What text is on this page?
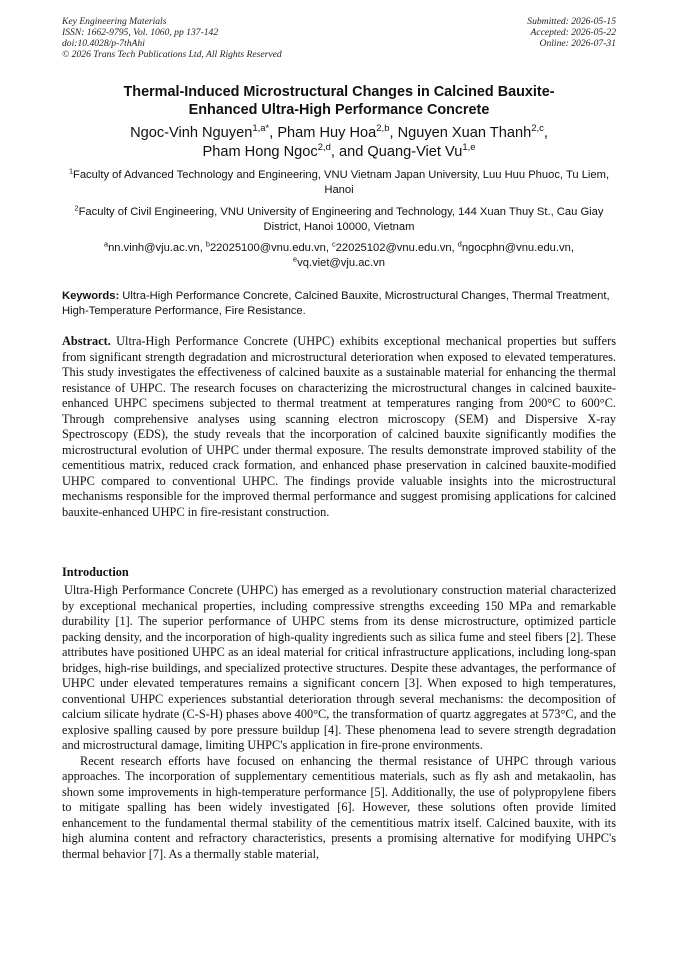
Key Engineering Materials
ISSN: 1662-9795, Vol. 1060, pp 137-142
doi:10.4028/p-7thAhi
© 2026 Trans Tech Publications Ltd, All Rights Reserved
Submitted: 2026-05-15
Accepted: 2026-05-22
Online: 2026-07-31
Thermal-Induced Microstructural Changes in Calcined Bauxite-
Enhanced Ultra-High Performance Concrete
Ngoc-Vinh Nguyen$^{1,a*}$, Pham Huy Hoa$^{2,b}$, Nguyen Xuan Thanh$^{2,c}$,
Pham Hong Ngoc$^{2,d}$, and Quang-Viet Vu$^{1,e}$
$^1$Faculty of Advanced Technology and Engineering, VNU Vietnam Japan University, Luu Huu Phuoc, Tu Liem, Hanoi
$^2$Faculty of Civil Engineering, VNU University of Engineering and Technology, 144 Xuan Thuy St., Cau Giay District, Hanoi 10000, Vietnam
$^a$nn.vinh@vju.ac.vn, $^b$22025100@vnu.edu.vn, $^c$22025102@vnu.edu.vn, $^d$ngocphn@vnu.edu.vn,
$^e$vq.viet@vju.ac.vn
Keywords: Ultra-High Performance Concrete, Calcined Bauxite, Microstructural Changes, Thermal Treatment, High-Temperature Performance, Fire Resistance.
Abstract. Ultra-High Performance Concrete (UHPC) exhibits exceptional mechanical properties but suffers from significant strength degradation and microstructural deterioration when exposed to elevated temperatures. This study investigates the effectiveness of calcined bauxite as a sustainable material for enhancing the thermal resistance of UHPC. The research focuses on characterizing the microstructural changes in calcined bauxite-enhanced UHPC specimens subjected to thermal treatment at temperatures ranging from 200°C to 600°C. Through comprehensive analyses using scanning electron microscopy (SEM) and Dispersive X-ray Spectroscopy (EDS), the study reveals that the incorporation of calcined bauxite significantly modifies the microstructural evolution of UHPC under thermal exposure. The results demonstrate improved stability of the cementitious matrix, reduced crack formation, and enhanced phase preservation in calcined bauxite-modified UHPC compared to conventional UHPC. The findings provide valuable insights into the microstructural mechanisms responsible for the improved thermal performance and suggest promising applications for calcined bauxite-enhanced UHPC in fire-resistant construction.
Introduction

Ultra-High Performance Concrete (UHPC) has emerged as a revolutionary construction material characterized by exceptional mechanical properties, including compressive strengths exceeding 150 MPa and remarkable durability [1]. The superior performance of UHPC stems from its dense microstructure, optimized particle packing density, and the incorporation of high-quality ingredients such as silica fume and steel fibers [2]. These attributes have positioned UHPC as an ideal material for critical infrastructure applications, including long-span bridges, high-rise buildings, and specialized protective structures. Despite these advantages, the performance of UHPC under elevated temperatures remains a significant concern [3]. When exposed to high temperatures, conventional UHPC experiences substantial deterioration through several mechanisms: the decomposition of calcium silicate hydrate (C-S-H) phases above 400°C, the transformation of quartz aggregates at 573°C, and the explosive spalling caused by pore pressure buildup [4]. These phenomena lead to severe strength degradation and microstructural damage, limiting UHPC's application in fire-prone environments.

Recent research efforts have focused on enhancing the thermal resistance of UHPC through various approaches. The incorporation of supplementary cementitious materials, such as fly ash and metakaolin, has shown some improvements in high-temperature performance [5]. Additionally, the use of polypropylene fibers to mitigate spalling has been widely investigated [6]. However, these solutions often provide limited enhancement to the fundamental thermal stability of the cementitious matrix itself. Calcined bauxite, with its high alumina content and refractory characteristics, presents a promising alternative for modifying UHPC's thermal behavior [7]. As a thermally stable material,
